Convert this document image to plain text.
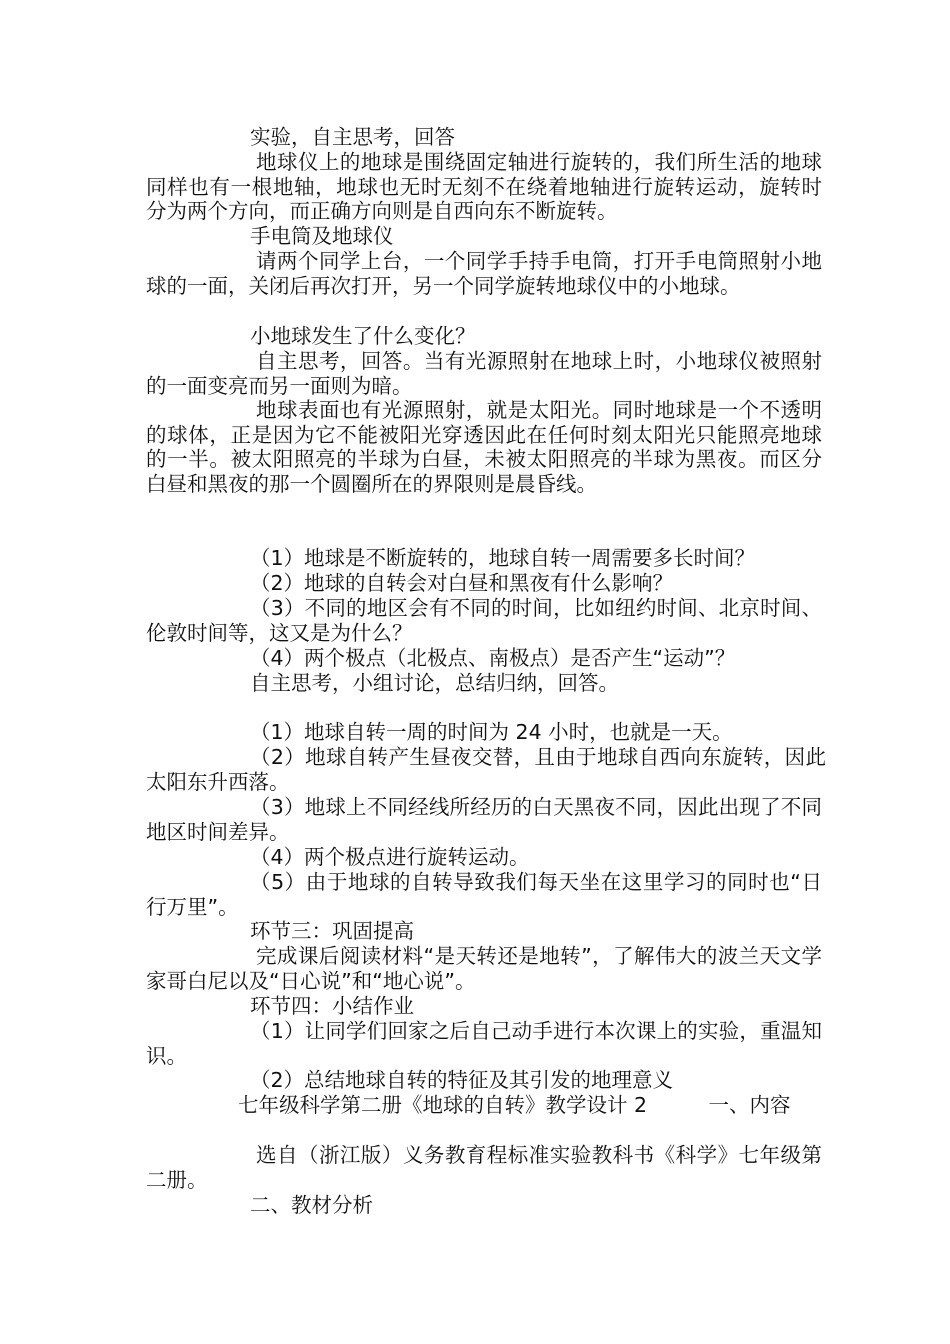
实验，自主思考，回答

地球仪上的地球是围绕固定轴进行旋转的，我们所生活的地球同样也有一根地轴，地球也无时无刻不在绕着地轴进行旋转运动，旋转时分为两个方向，而正确方向则是自西向东不断旋转。

手电筒及地球仪

请两个同学上台，一个同学手持手电筒，打开手电筒照射小地球的一面，关闭后再次打开，另一个同学旋转地球仪中的小地球。

小地球发生了什么变化？

自主思考，回答。当有光源照射在地球上时，小地球仪被照射的一面变亮而另一面则为暗。

地球表面也有光源照射，就是太阳光。同时地球是一个不透明的球体，正是因为它不能被阳光穿透因此在任何时刻太阳光只能照亮地球的一半。被太阳照亮的半球为白昼，未被太阳照亮的半球为黑夜。而区分白昼和黑夜的那一个圆圈所在的界限则是晨昏线。

（1）地球是不断旋转的，地球自转一周需要多长时间？

（2）地球的自转会对白昼和黑夜有什么影响？

（3）不同的地区会有不同的时间，比如纽约时间、北京时间、伦敦时间等，这又是为什么？

（4）两个极点（北极点、南极点）是否产生“运动”？

自主思考，小组讨论，总结归纳，回答。

（1）地球自转一周的时间为 24 小时，也就是一天。

（2）地球自转产生昼夜交替，且由于地球自西向东旋转，因此太阳东升西落。

（3）地球上不同经线所经历的白天黑夜不同，因此出现了不同地区时间差异。

（4）两个极点进行旋转运动。

（5）由于地球的自转导致我们每天坐在这里学习的同时也“日行万里”。

环节三：巩固提高

完成课后阅读材料“是天转还是地转”，了解伟大的波兰天文学家哥白尼以及“日心说”和“地心说”。

环节四：小结作业

（1）让同学们回家之后自己动手进行本次课上的实验，重温知识。

（2）总结地球自转的特征及其引发的地理意义

七年级科学第二册《地球的自转》教学设计 2　　　一、内容

选自（浙江版）义务教育程标准实验教科书《科学》七年级第二册。

二、教材分析
